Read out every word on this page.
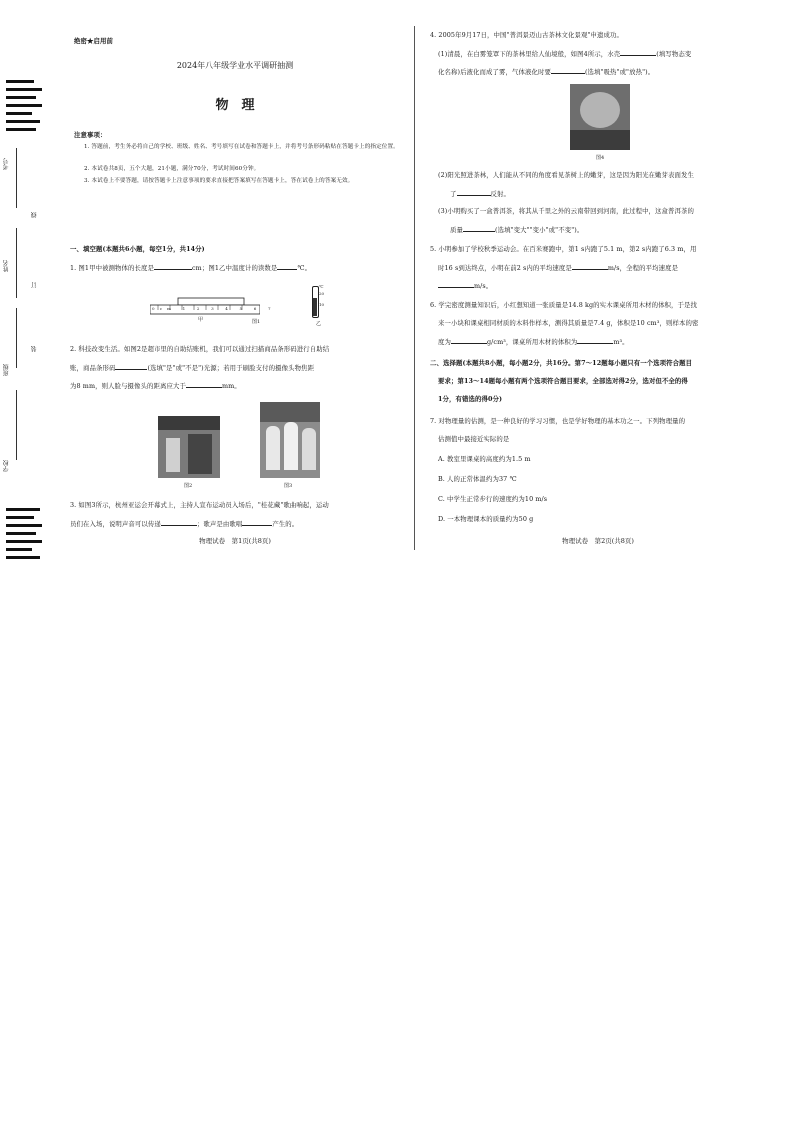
考号
线
姓名
订
班级
装
学校
绝密★启用前
2024年八年级学业水平调研抽测
物　理
注意事项：
1. 答题前，考生务必将自己的学校、班级、姓名、考号填写在试卷和答题卡上，并将考号条形码粘贴在答题卡上的指定位置。
2. 本试卷共8页，五个大题，21小题，满分70分，考试时间60分钟。
3. 本试卷上不要答题，请按答题卡上注意事项的要求直接把答案填写在答题卡上，答在试卷上的答案无效。
一、填空题(本题共6小题，每空1分，共14分)
1. 图1甲中被测物体的长度是	cm；图1乙中温度计的读数是	℃。
0cm 1 2 3 4 5 6 7
甲	图1
℃
20
10
乙
2. 科技改变生活。如图2是超市里的自助结账机，我们可以通过扫描商品条形码进行自助结
账，商品条形码	(选填"是"或"不是")光源；若用于刷脸支付的摄像头物焦距
为8 mm，则人脸与摄像头的距离应大于	mm。
图2	图3
3. 如图3所示，杭州亚运会开幕式上，主持人宣布运动员入场后，"桂花藏"歌曲响起，运动
员们在入场，说明声音可以传递	；歌声是由歌唱	产生的。
物理试卷　第1页(共8页)
4. 2005年9月17日，中国"普洱景迈山古茶林文化景观"申遗成功。
(1)清晨，在白雾笼罩下的茶林里给人仙境般，如图4所示，水壳	(填写物态变
化名称)后液化而成了雾，气体液化时要	(选填"吸热"或"放热")。
图4
(2)阳光照进茶林，人们能从不同的角度看见茶树上的嫩芽，这是因为阳光在嫩芽表面发生
了	反射。
(3)小明购买了一盒普洱茶，将其从千里之外的云南带回到河南，此过程中，这盒普洱茶的
质量	(选填"变大""变小"或"不变")。
5. 小明参加了学校秋季运动会。在百米赛跑中，第1 s内跑了5.1 m，第2 s内跑了6.3 m，用
时16 s到达终点，小明在前2 s内的平均速度是	m/s，全程的平均速度是
m/s。
6. 学完密度测量知识后，小红想知道一张质量是14.8 kg的实木课桌所用木材的体积，于是找
来一小块和课桌相同材质的木料作样本，测得其质量是7.4 g，体积是10 cm³，则样本的密
度为	g/cm³，课桌所用木材的体积为	m³。
二、选择题(本题共8小题，每小题2分，共16分。第7～12题每小题只有一个选项符合题目
要求；第13～14题每小题有两个选项符合题目要求，全部选对得2分，选对但不全的得
1分，有错选的得0分)
7. 对物理量的估测，是一种良好的学习习惯，也是学好物理的基本功之一。下列物理量的
估测值中最接近实际的是
A. 教室里课桌的高度约为1.5 m
B. 人的正常体温约为37 ℃
C. 中学生正常步行的速度约为10 m/s
D. 一本物理课本的质量约为50 g
物理试卷　第2页(共8页)
